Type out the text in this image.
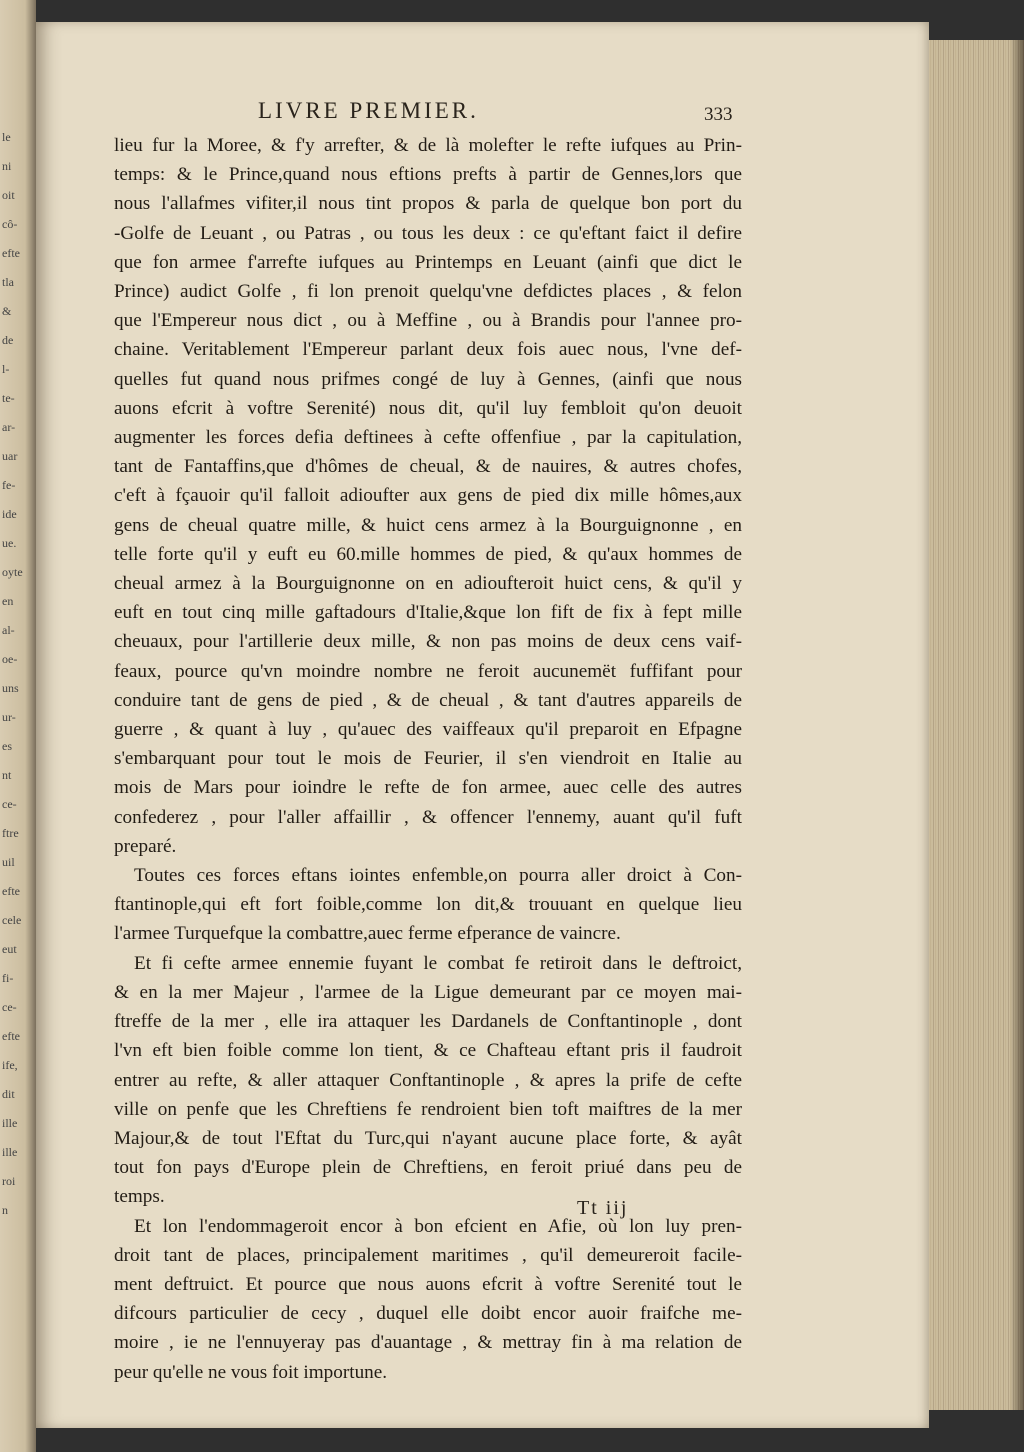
le
ni
oit
cô-
efte
tla
&
de
l-
te-
ar-
uar
fe-
ide
ue.
oyte
en
al-
oe-
uns
ur-
es
nt
ce-
ftre
uil
efte
cele
eut
fi-
ce-
efte
ife,
dit
ille
ille
roi
n
LIVRE PREMIER.	333
lieu fur la Moree, & f'y arrefter, & de là molefter le refte iufques au Prin-
temps: & le Prince,quand nous eftions prefts à partir de Gennes,lors que
nous l'allafmes vifiter,il nous tint propos & parla de quelque bon port du
-Golfe de Leuant , ou Patras , ou tous les deux : ce qu'eftant faict il defire
que fon armee f'arrefte iufques au Printemps en Leuant (ainfi que dict le
Prince) audict Golfe , fi lon prenoit quelqu'vne defdictes places , & felon
que l'Empereur nous dict , ou à Meffine , ou à Brandis pour l'annee pro-
chaine. Veritablement l'Empereur parlant deux fois auec nous, l'vne def-
quelles fut quand nous prifmes congé de luy à Gennes, (ainfi que nous
auons efcrit à voftre Serenité) nous dit, qu'il luy fembloit qu'on deuoit
augmenter les forces defia deftinees à cefte offenfiue , par la capitulation,
tant de Fantaffins,que d'hômes de cheual, & de nauires, & autres chofes,
c'eft à fçauoir qu'il falloit adioufter aux gens de pied dix mille hômes,aux
gens de cheual quatre mille, & huict cens armez à la Bourguignonne , en
telle forte qu'il y euft eu 60.mille hommes de pied, & qu'aux hommes de
cheual armez à la Bourguignonne on en adioufteroit huict cens, & qu'il y
euft en tout cinq mille gaftadours d'Italie,&que lon fift de fix à fept mille
cheuaux, pour l'artillerie deux mille, & non pas moins de deux cens vaif-
feaux, pource qu'vn moindre nombre ne feroit aucunemët fuffifant pour
conduire tant de gens de pied , & de cheual , & tant d'autres appareils de
guerre , & quant à luy , qu'auec des vaiffeaux qu'il preparoit en Efpagne
s'embarquant pour tout le mois de Feurier, il s'en viendroit en Italie au
mois de Mars pour ioindre le refte de fon armee, auec celle des autres
confederez , pour l'aller affaillir , & offencer l'ennemy, auant qu'il fuft
preparé.
Toutes ces forces eftans iointes enfemble,on pourra aller droict à Con-
ftantinople,qui eft fort foible,comme lon dit,& trouuant en quelque lieu
l'armee Turquefque la combattre,auec ferme efperance de vaincre.
Et fi cefte armee ennemie fuyant le combat fe retiroit dans le deftroict,
& en la mer Majeur , l'armee de la Ligue demeurant par ce moyen mai-
ftreffe de la mer , elle ira attaquer les Dardanels de Conftantinople , dont
l'vn eft bien foible comme lon tient, & ce Chafteau eftant pris il faudroit
entrer au refte, & aller attaquer Conftantinople , & apres la prife de cefte
ville on penfe que les Chreftiens fe rendroient bien toft maiftres de la mer
Majour,& de tout l'Eftat du Turc,qui n'ayant aucune place forte, & ayât
tout fon pays d'Europe plein de Chreftiens, en feroit priué dans peu de
temps.
Et lon l'endommageroit encor à bon efcient en Afie, où lon luy pren-
droit tant de places, principalement maritimes , qu'il demeureroit facile-
ment deftruict. Et pource que nous auons efcrit à voftre Serenité tout le
difcours particulier de cecy , duquel elle doibt encor auoir fraifche me-
moire , ie ne l'ennuyeray pas d'auantage , & mettray fin à ma relation de
peur qu'elle ne vous foit importune.
Tt iij
